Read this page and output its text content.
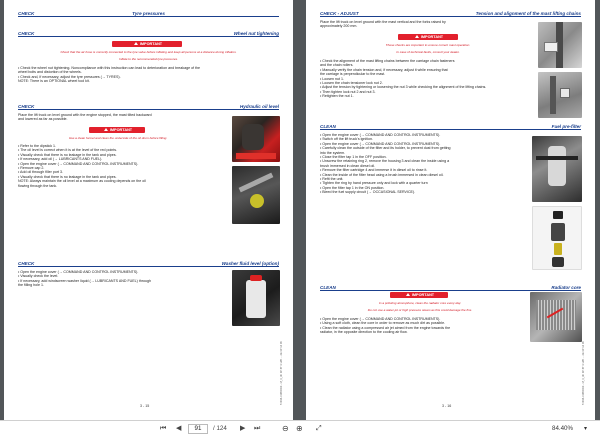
CHECK	Tyre pressures
CHECK	Wheel nut tightening
IMPORTANT
Check that the air hose is correctly connected to the tyre valve before inflating and keep all persons at a distance during inflation.
Inflate to the recommended tyre pressures.
• Check the wheel nut tightening. Noncompliance with this instruction can lead to deterioration and breakage of the
wheel bolts and distortion of the wheels.
• Check and, if necessary, adjust the tyre pressures (→ TYRES).
NOTE: There is an OPTIONAL wheel tool kit.
CHECK	Hydraulic oil level
Place the lift truck on level ground with the engine stopped, the mast tilted backward
and lowered as far as possible.
IMPORTANT
Use a clean funnel and clean the underside of the oil drum before filling.
• Refer to the dipstick 1.
• The oil level is correct when it is at the level of the red points.
• Visually check that there is no leakage in the tank and pipes.
• If necessary, add oil (→ LUBRICANTS AND FUEL).
• Open the engine cover (→ COMMAND AND CONTROL INSTRUMENTS).
• Remove cap 2.
• Add oil through filler port 3.
• Visually check that there is no leakage in the tank and pipes.
NOTE: Always maintain the oil level at a maximum as cooling depends on the oil
flowing through the tank.
CHECK	Washer fluid level (option)
• Open the engine cover (→ COMMAND AND CONTROL INSTRUMENTS).
• Visually check the level.
• If necessary, add windscreen washer liquid (→ LUBRICANTS AND FUEL) through
the filling hole 1.
3 - 15
57496-C3B00D3 - M_3_3F 3P 6T 3 U/B ... 2E 3P 14 06
CHECK - ADJUST	Tension and alignment of the mast lifting chains
Place the lift truck on level ground with the mast vertical and the forks raised by
approximately 200 mm.
IMPORTANT
These checks are important to ensure correct mast operation.
In case of technical faults, consult your dealer.
• Check the alignment of the mast lifting chains between the carriage chain fasteners
and the chain rollers.
• Manually verify the chain tension and, if necessary, adjust it while ensuring that
the carriage is perpendicular to the mast.
• Loosen nut 1.
• Loosen the chain tensioner lock nut 2.
• Adjust the tension by tightening or loosening the nut 3 while checking the alignment of the lifting chains.
• Then tighten lock nut 2 and nut 3.
• Retighten the nut 1.
CLEAN	Fuel pre-filter
• Open the engine cover (→ COMMAND AND CONTROL INSTRUMENTS).
• Switch off the lift truck's ignition.
• Open the engine cover (→ COMMAND AND CONTROL INSTRUMENTS).
• Carefully clean the outside of the filter and its holder, to prevent dust from getting
into the system.
• Close the filter tap 1 in the OFF position.
• Unscrew the retaining ring 2, remove the housing 3 and clean the inside using a
brush immersed in clean diesel oil.
• Remove the filter cartridge 4 and immerse it in diesel oil to rinse it.
• Clean the inside of the filter head using a brush immersed in clean diesel oil.
• Refit the unit.
• Tighten the ring by hand pressure only and lock with a quarter turn
• Open the filter tap 1 in the ON position.
• Bleed the fuel supply circuit (→ OCCASIONAL SERVICE).
CLEAN	Radiator core
IMPORTANT
In a polluting atmosphere, clean the radiator core every day.
Do not use a water jet or high pressure steam as this could damage the fins.
• Open the engine cover (→ COMMAND AND CONTROL INSTRUMENTS).
• Using a soft cloth, clean the core in order to remove as much dirt as possible.
• Clean the radiator using a compressed air jet aimed from the engine towards the
radiator, in the opposite direction to the cooling air flow.
3 - 16
57496-C3B00D3 - M_3_3F 3P 6T 3 U/B ... 2E 3P 14 06
⏮ ◀	91	/ 124 ▶ ⏭	⊖ ⊕ ⤢	84.40% ▾
